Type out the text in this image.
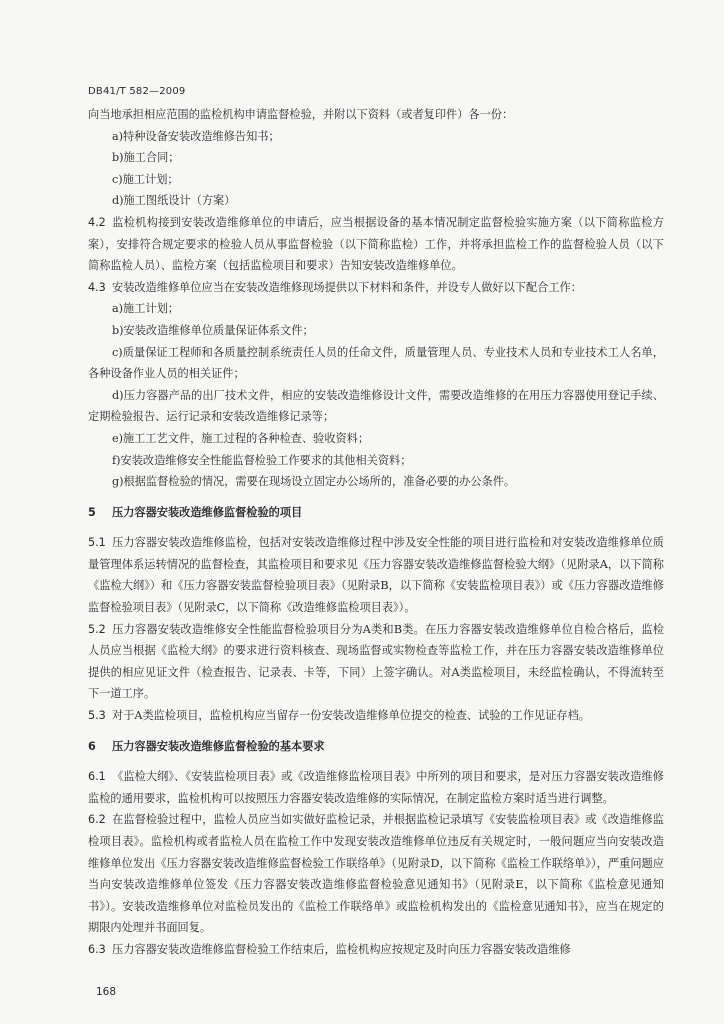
DB41/T 582—2009

向当地承担相应范围的监检机构申请监督检验，并附以下资料（或者复印件）各一份：

a)特种设备安装改造维修告知书；

b)施工合同；

c)施工计划；

d)施工图纸设计（方案）

4.2 监检机构接到安装改造维修单位的申请后，应当根据设备的基本情况制定监督检验实施方案（以下简称监检方案），安排符合规定要求的检验人员从事监督检验（以下简称监检）工作，并将承担监检工作的监督检验人员（以下简称监检人员）、监检方案（包括监检项目和要求）告知安装改造维修单位。

4.3 安装改造维修单位应当在安装改造维修现场提供以下材料和条件，并设专人做好以下配合工作：

a)施工计划；

b)安装改造维修单位质量保证体系文件；

c)质量保证工程师和各质量控制系统责任人员的任命文件，质量管理人员、专业技术人员和专业技术工人名单，各种设备作业人员的相关证件；

d)压力容器产品的出厂技术文件，相应的安装改造维修设计文件，需要改造维修的在用压力容器使用登记手续、定期检验报告、运行记录和安装改造维修记录等；

e)施工工艺文件，施工过程的各种检查、验收资料；

f)安装改造维修安全性能监督检验工作要求的其他相关资料；

g)根据监督检验的情况，需要在现场设立固定办公场所的，准备必要的办公条件。

5 压力容器安装改造维修监督检验的项目

5.1 压力容器安装改造维修监检，包括对安装改造维修过程中涉及安全性能的项目进行监检和对安装改造维修单位质量管理体系运转情况的监督检查，其监检项目和要求见《压力容器安装改造维修监督检验大纲》（见附录A，以下简称《监检大纲》）和《压力容器安装监督检验项目表》（见附录B，以下简称《安装监检项目表》）或《压力容器改造维修监督检验项目表》（见附录C，以下简称《改造维修监检项目表》）。

5.2 压力容器安装改造维修安全性能监督检验项目分为A类和B类。在压力容器安装改造维修单位自检合格后，监检人员应当根据《监检大纲》的要求进行资料核查、现场监督或实物检查等监检工作，并在压力容器安装改造维修单位提供的相应见证文件（检查报告、记录表、卡等，下同）上签字确认。对A类监检项目，未经监检确认，不得流转至下一道工序。

5.3 对于A类监检项目，监检机构应当留存一份安装改造维修单位提交的检查、试验的工作见证存档。

6 压力容器安装改造维修监督检验的基本要求

6.1 《监检大纲》、《安装监检项目表》或《改造维修监检项目表》中所列的项目和要求，是对压力容器安装改造维修监检的通用要求，监检机构可以按照压力容器安装改造维修的实际情况，在制定监检方案时适当进行调整。

6.2 在监督检验过程中，监检人员应当如实做好监检记录，并根据监检记录填写《安装监检项目表》或《改造维修监检项目表》。监检机构或者监检人员在监检工作中发现安装改造维修单位违反有关规定时，一般问题应当向安装改造维修单位发出《压力容器安装改造维修监督检验工作联络单》（见附录D，以下简称《监检工作联络单》），严重问题应当向安装改造维修单位签发《压力容器安装改造维修监督检验意见通知书》（见附录E，以下简称《监检意见通知书》）。安装改造维修单位对监检员发出的《监检工作联络单》或监检机构发出的《监检意见通知书》，应当在规定的期限内处理并书面回复。

6.3 压力容器安装改造维修监督检验工作结束后，监检机构应按规定及时向压力容器安装改造维修

168
